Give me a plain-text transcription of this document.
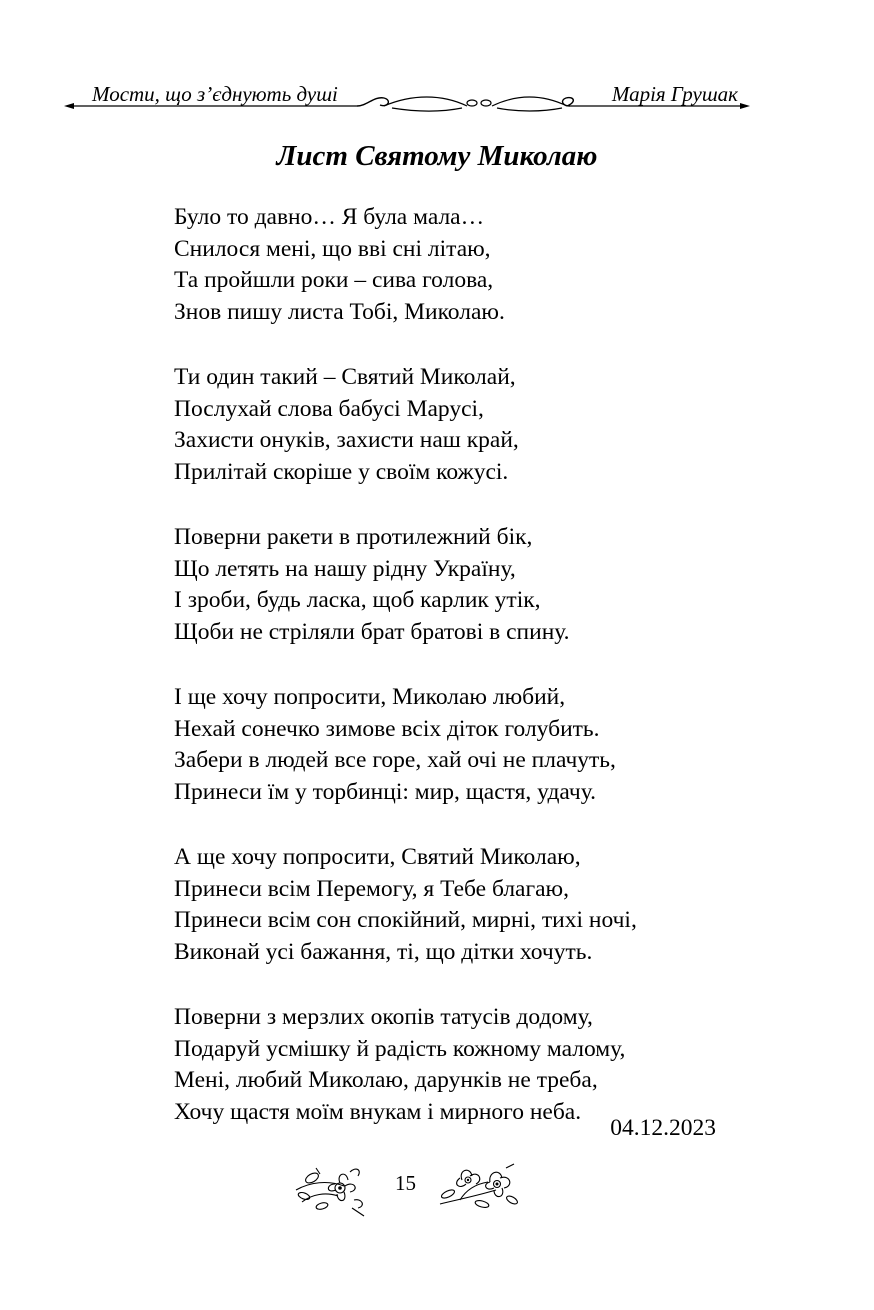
Мости, що з’єднують душі	Марія Грушак
Лист Святому Миколаю
Було то давно… Я була мала…
Снилося мені, що вві сні літаю,
Та пройшли роки – сива голова,
Знов пишу листа Тобі, Миколаю.
Ти один такий – Святий Миколай,
Послухай слова бабусі Марусі,
Захисти онуків, захисти наш край,
Прилітай скоріше у своїм кожусі.
Поверни ракети в протилежний бік,
Що летять на нашу рідну Україну,
І зроби, будь ласка, щоб карлик утік,
Щоби не стріляли брат братові в спину.
І ще хочу попросити, Миколаю любий,
Нехай сонечко зимове всіх діток голубить.
Забери в людей все горе, хай очі не плачуть,
Принеси їм у торбинці: мир, щастя, удачу.
А ще хочу попросити, Святий Миколаю,
Принеси всім Перемогу, я Тебе благаю,
Принеси всім сон спокійний, мирні, тихі ночі,
Виконай усі бажання, ті, що дітки хочуть.
Поверни з мерзлих окопів татусів додому,
Подаруй усмішку й радість кожному малому,
Мені, любий Миколаю, дарунків не треба,
Хочу щастя моїм внукам і мирного неба.
04.12.2023
15
